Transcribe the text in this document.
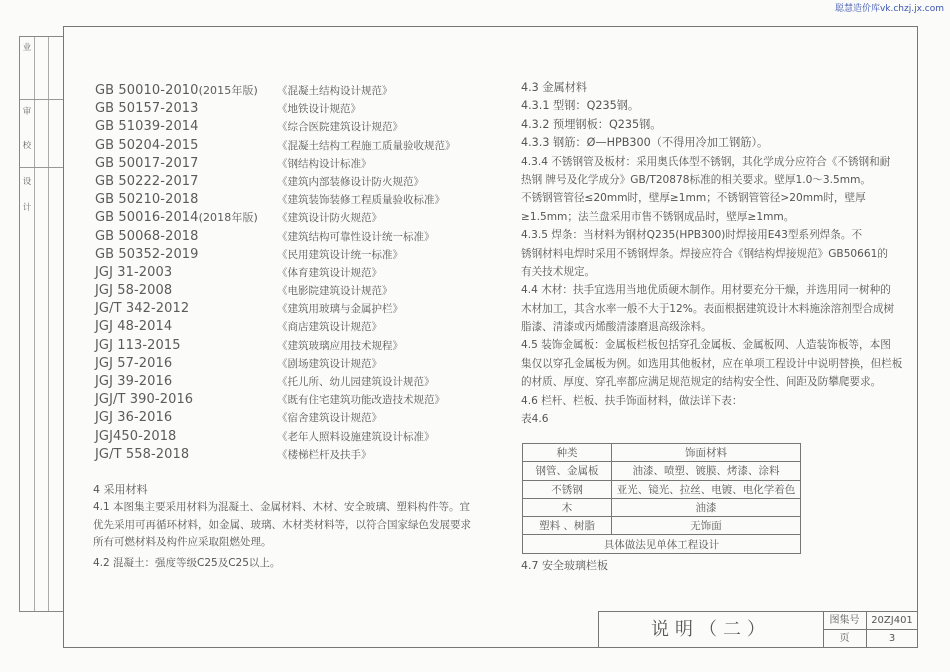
聪慧造价库vk.chzj.jx.com
业
审
校
设
计
GB 50010-2010(2015年版) 《混凝土结构设计规范》
GB 50157-2013	《地铁设计规范》
GB 51039-2014	《综合医院建筑设计规范》
GB 50204-2015	《混凝土结构工程施工质量验收规范》
GB 50017-2017	《钢结构设计标准》
GB 50222-2017	《建筑内部装修设计防火规范》
GB 50210-2018	《建筑装饰装修工程质量验收标准》
GB 50016-2014(2018年版) 《建筑设计防火规范》
GB 50068-2018	《建筑结构可靠性设计统一标准》
GB 50352-2019	《民用建筑设计统一标准》
JGJ 31-2003	《体育建筑设计规范》
JGJ 58-2008	《电影院建筑设计规范》
JG/T 342-2012	《建筑用玻璃与金属护栏》
JGJ 48-2014	《商店建筑设计规范》
JGJ 113-2015	《建筑玻璃应用技术规程》
JGJ 57-2016	《剧场建筑设计规范》
JGJ 39-2016	《托儿所、幼儿园建筑设计规范》
JGJ/T 390-2016	《既有住宅建筑功能改造技术规范》
JGJ 36-2016	《宿舍建筑设计规范》
JGJ450-2018	《老年人照料设施建筑设计标准》
JG/T 558-2018	《楼梯栏杆及扶手》
4 采用材料
4.1 本图集主要采用材料为混凝土、金属材料、木材、安全玻璃、塑料构件等。宜
优先采用可再循环材料，如金属、玻璃、木材类材料等，以符合国家绿色发展要求
所有可燃材料及构件应采取阻燃处理。
4.2 混凝土：强度等级C25及C25以上。
4.3 金属材料
4.3.1 型钢：Q235钢。
4.3.2 预埋钢板：Q235钢。
4.3.3 钢筋：Ø—HPB300（不得用冷加工钢筋）。
4.3.4 不锈钢管及板材：采用奥氏体型不锈钢，其化学成分应符合《不锈钢和耐
热钢 牌号及化学成分》GB/T20878标准的相关要求。壁厚1.0～3.5mm。
不锈钢管管径≤20mm时，壁厚≥1mm；不锈钢管管径>20mm时，壁厚
≥1.5mm；法兰盘采用市售不锈钢成品时，壁厚≥1mm。
4.3.5 焊条：当材料为钢材Q235(HPB300)时焊接用E43型系列焊条。不
锈钢材料电焊时采用不锈钢焊条。焊接应符合《钢结构焊接规范》GB50661的
有关技术规定。
4.4 木材：扶手宜选用当地优质硬木制作。用材要充分干燥，并选用同一树种的
木材加工，其含水率一般不大于12%。表面根据建筑设计木料施涂溶剂型合成树
脂漆、清漆或丙烯酸清漆磨退高级涂料。
4.5 装饰金属板：金属板栏板包括穿孔金属板、金属板网、人造装饰板等，本图
集仅以穿孔金属板为例。如选用其他板材，应在单项工程设计中说明替换，但栏板
的材质、厚度、穿孔率都应满足规范规定的结构安全性、间距及防攀爬要求。
4.6 栏杆、栏板、扶手饰面材料，做法详下表：
表4.6
种类	饰面材料
钢管、金属板	油漆、喷塑、镀膜、烤漆、涂料
不锈钢	亚光、镜光、拉丝、电镀、电化学着色
木	油漆
塑料 、树脂	无饰面
具体做法见单体工程设计	
4.7 安全玻璃栏板
说明（二）	图集号	20ZJ401
页	3
